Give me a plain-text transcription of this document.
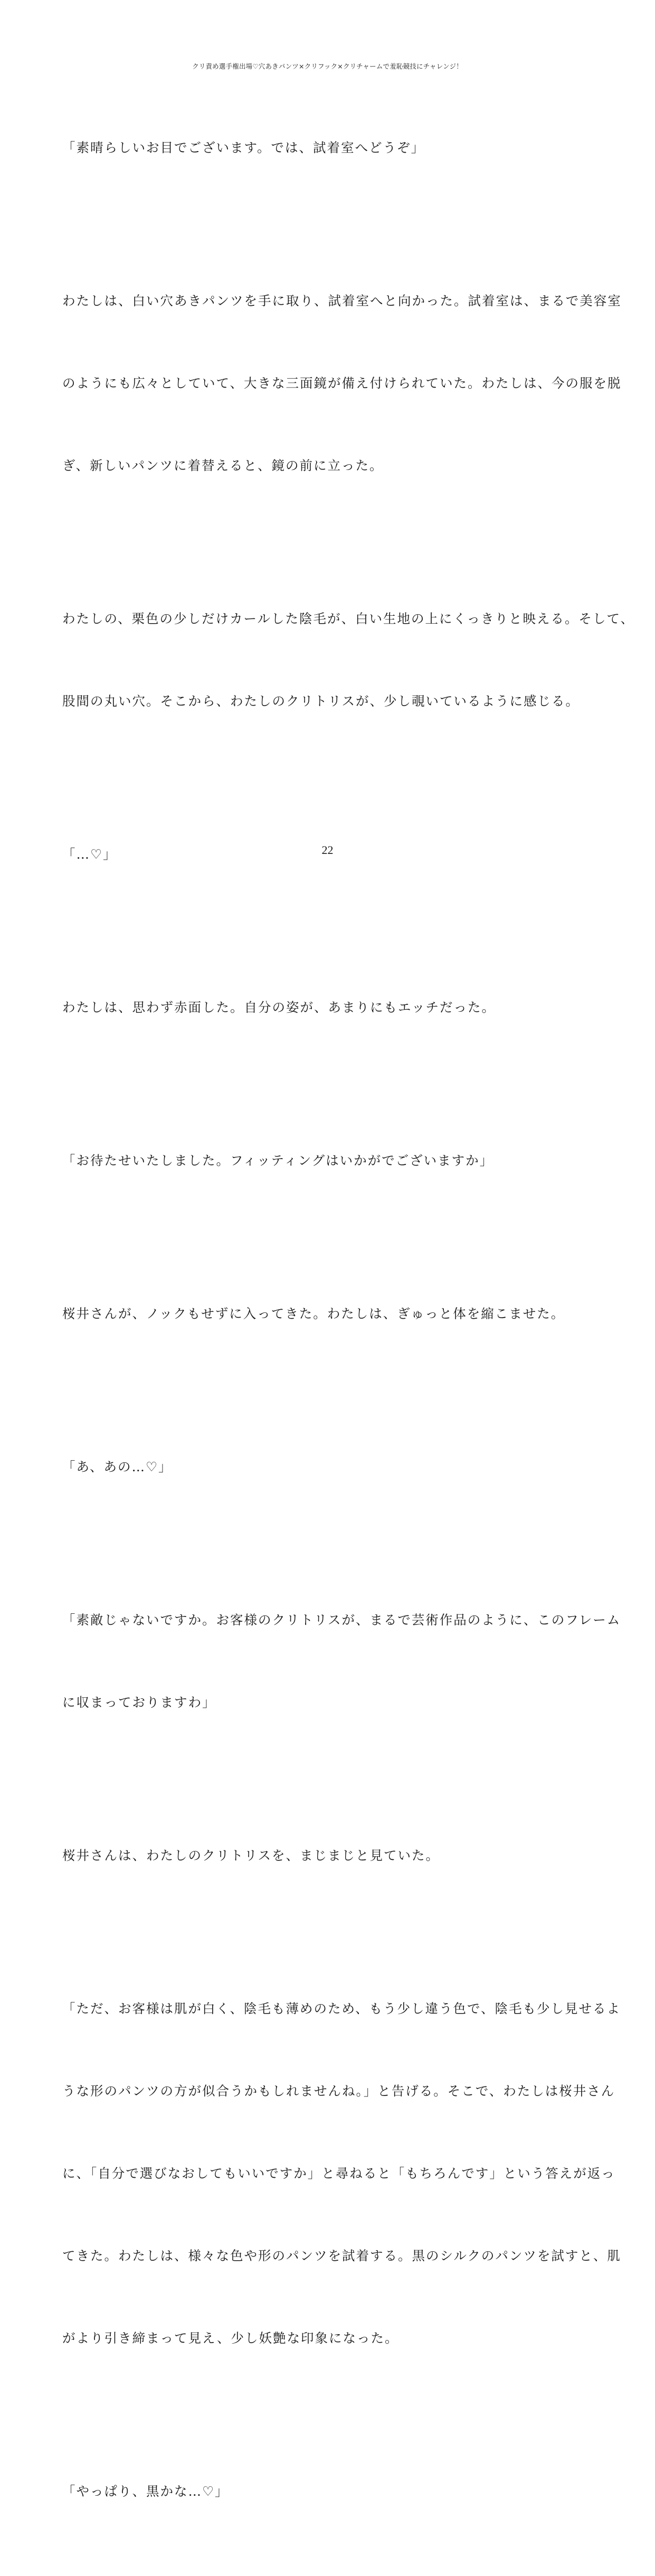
クリ責め選手権出場♡穴あきパンツ×クリフック×クリチャームで羞恥競技にチャレンジ！

「素晴らしいお目でございます。では、試着室へどうぞ」

わたしは、白い穴あきパンツを手に取り、試着室へと向かった。試着室は、まるで美容室

のようにも広々としていて、大きな三面鏡が備え付けられていた。わたしは、今の服を脱

ぎ、新しいパンツに着替えると、鏡の前に立った。

わたしの、栗色の少しだけカールした陰毛が、白い生地の上にくっきりと映える。そして、

股間の丸い穴。そこから、わたしのクリトリスが、少し覗いているように感じる。

「…♡」

わたしは、思わず赤面した。自分の姿が、あまりにもエッチだった。

「お待たせいたしました。フィッティングはいかがでございますか」

桜井さんが、ノックもせずに入ってきた。わたしは、ぎゅっと体を縮こませた。

「あ、あの…♡」

「素敵じゃないですか。お客様のクリトリスが、まるで芸術作品のように、このフレーム

に収まっておりますわ」

桜井さんは、わたしのクリトリスを、まじまじと見ていた。

「ただ、お客様は肌が白く、陰毛も薄めのため、もう少し違う色で、陰毛も少し見せるよ

うな形のパンツの方が似合うかもしれませんね。」と告げる。そこで、わたしは桜井さん

に、「自分で選びなおしてもいいですか」と尋ねると「もちろんです」という答えが返っ

てきた。わたしは、様々な色や形のパンツを試着する。黒のシルクのパンツを試すと、肌

がより引き締まって見え、少し妖艶な印象になった。

「やっぱり、黒かな…♡」

22
